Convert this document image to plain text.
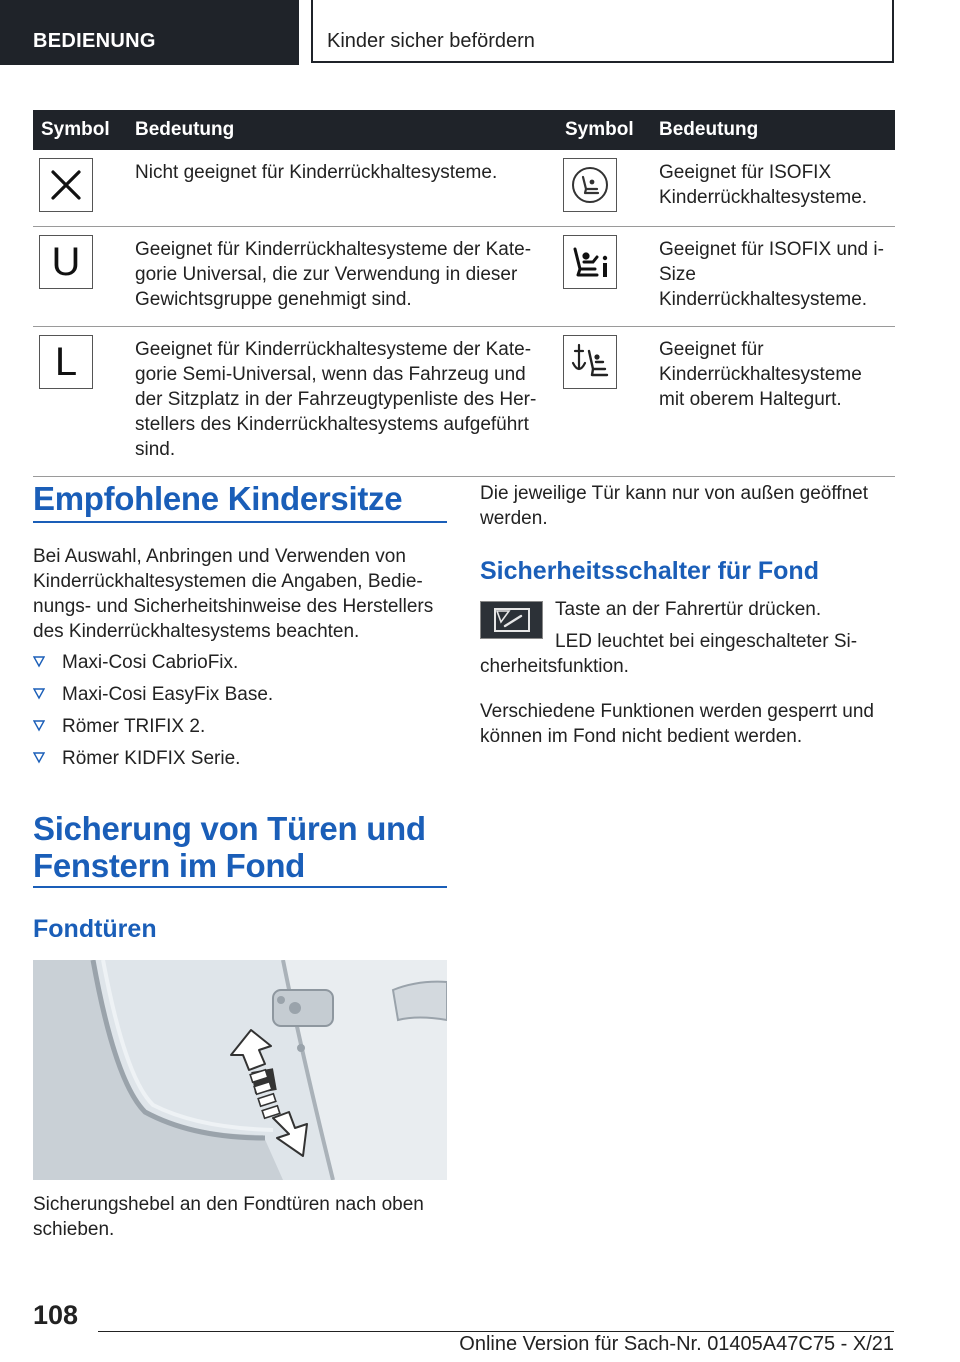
BEDIENUNG	Kinder sicher befördern
Symbol	Bedeutung	Symbol	Bedeutung

	Nicht geeignet für Kinderrückhaltesysteme.		Geeignet für ISOFIX Kinderrückhaltesysteme.

U	Geeignet für Kinderrückhaltesysteme der Kategorie Universal, die zur Verwendung in dieser Gewichtsgruppe genehmigt sind.		Geeignet für ISOFIX und i-Size Kinderrückhaltesysteme.

L	Geeignet für Kinderrückhaltesysteme der Kategorie Semi-Universal, wenn das Fahrzeug und der Sitzplatz in der Fahrzeugtypenliste des Herstellers des Kinderrückhaltesystems aufgeführt sind.		Geeignet für Kinderrückhaltesysteme mit oberem Haltegurt.
Empfohlene Kindersitze
Bei Auswahl, Anbringen und Verwenden von Kinderrückhaltesystemen die Angaben, Bedienungs- und Sicherheitshinweise des Herstellers des Kinderrückhaltesystems beachten.
Maxi-Cosi CabrioFix.
Maxi-Cosi EasyFix Base.
Römer TRIFIX 2.
Römer KIDFIX Serie.
Sicherung von Türen und
Fenstern im Fond
Fondtüren
Sicherungshebel an den Fondtüren nach oben schieben.
Die jeweilige Tür kann nur von außen geöffnet werden.
Sicherheitsschalter für Fond
Taste an der Fahrertür drücken.
LED leuchtet bei eingeschalteter Sicherheitsfunktion.
Verschiedene Funktionen werden gesperrt und können im Fond nicht bedient werden.
108
Online Version für Sach-Nr. 01405A47C75 - X/21
